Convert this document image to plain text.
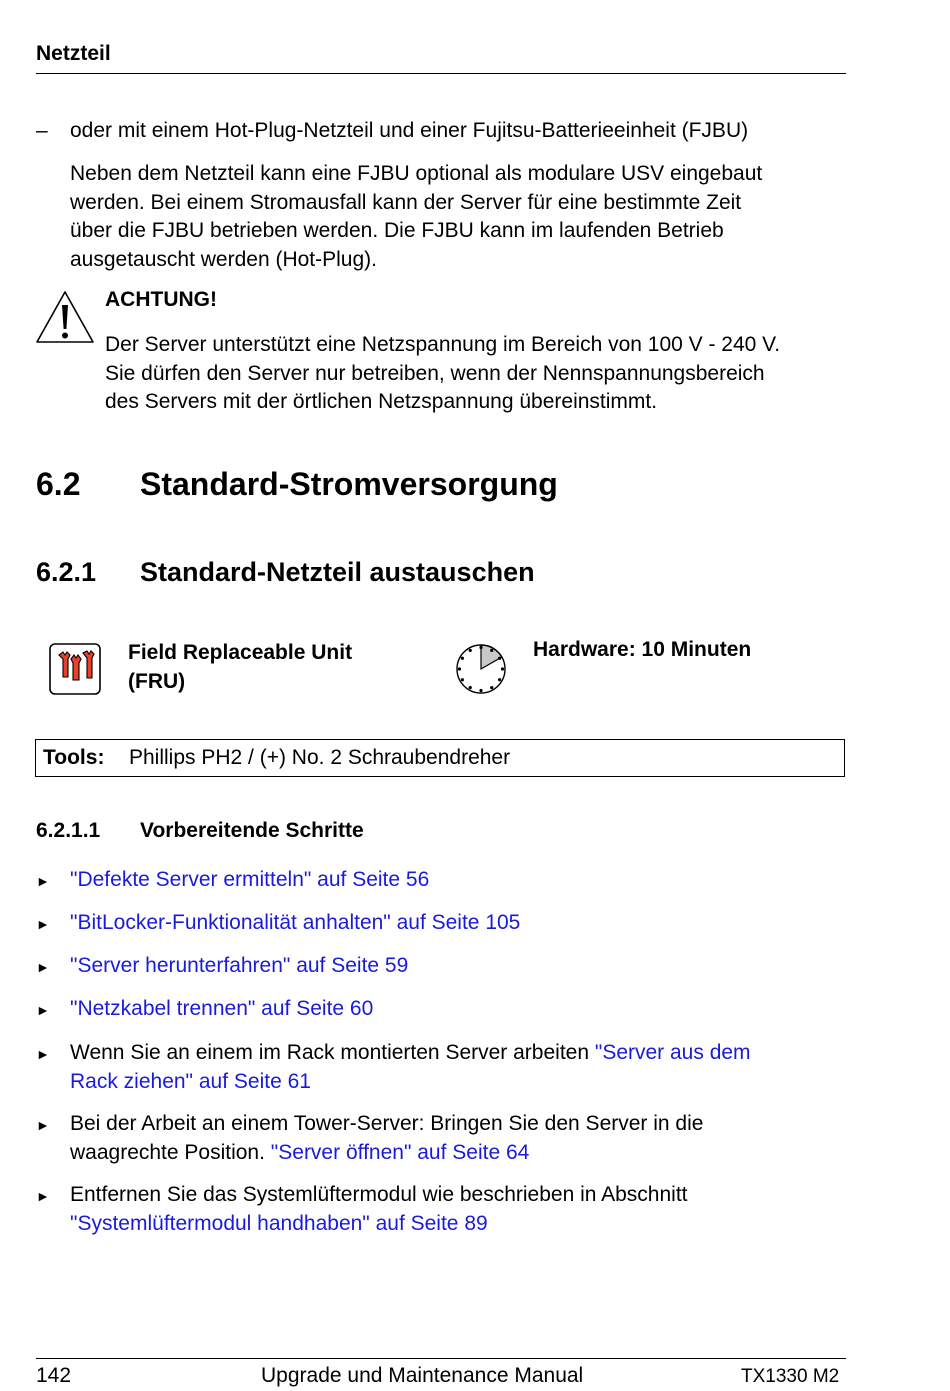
Netzteil
– oder mit einem Hot-Plug-Netzteil und einer Fujitsu-Batterieeinheit (FJBU)
Neben dem Netzteil kann eine FJBU optional als modulare USV eingebaut
werden. Bei einem Stromausfall kann der Server für eine bestimmte Zeit
über die FJBU betrieben werden. Die FJBU kann im laufenden Betrieb
ausgetauscht werden (Hot-Plug).
ACHTUNG!
Der Server unterstützt eine Netzspannung im Bereich von 100 V - 240 V.
Sie dürfen den Server nur betreiben, wenn der Nennspannungsbereich
des Servers mit der örtlichen Netzspannung übereinstimmt.
6.2 Standard-Stromversorgung
6.2.1 Standard-Netzteil austauschen
Field Replaceable Unit
(FRU)
Hardware: 10 Minuten
Tools: Phillips PH2 / (+) No. 2 Schraubendreher
6.2.1.1 Vorbereitende Schritte
► "Defekte Server ermitteln" auf Seite 56
► "BitLocker-Funktionalität anhalten" auf Seite 105
► "Server herunterfahren" auf Seite 59
► "Netzkabel trennen" auf Seite 60
► Wenn Sie an einem im Rack montierten Server arbeiten "Server aus dem
Rack ziehen" auf Seite 61
► Bei der Arbeit an einem Tower-Server: Bringen Sie den Server in die
waagrechte Position. "Server öffnen" auf Seite 64
► Entfernen Sie das Systemlüftermodul wie beschrieben in Abschnitt
"Systemlüftermodul handhaben" auf Seite 89
142	Upgrade und Maintenance Manual	TX1330 M2
